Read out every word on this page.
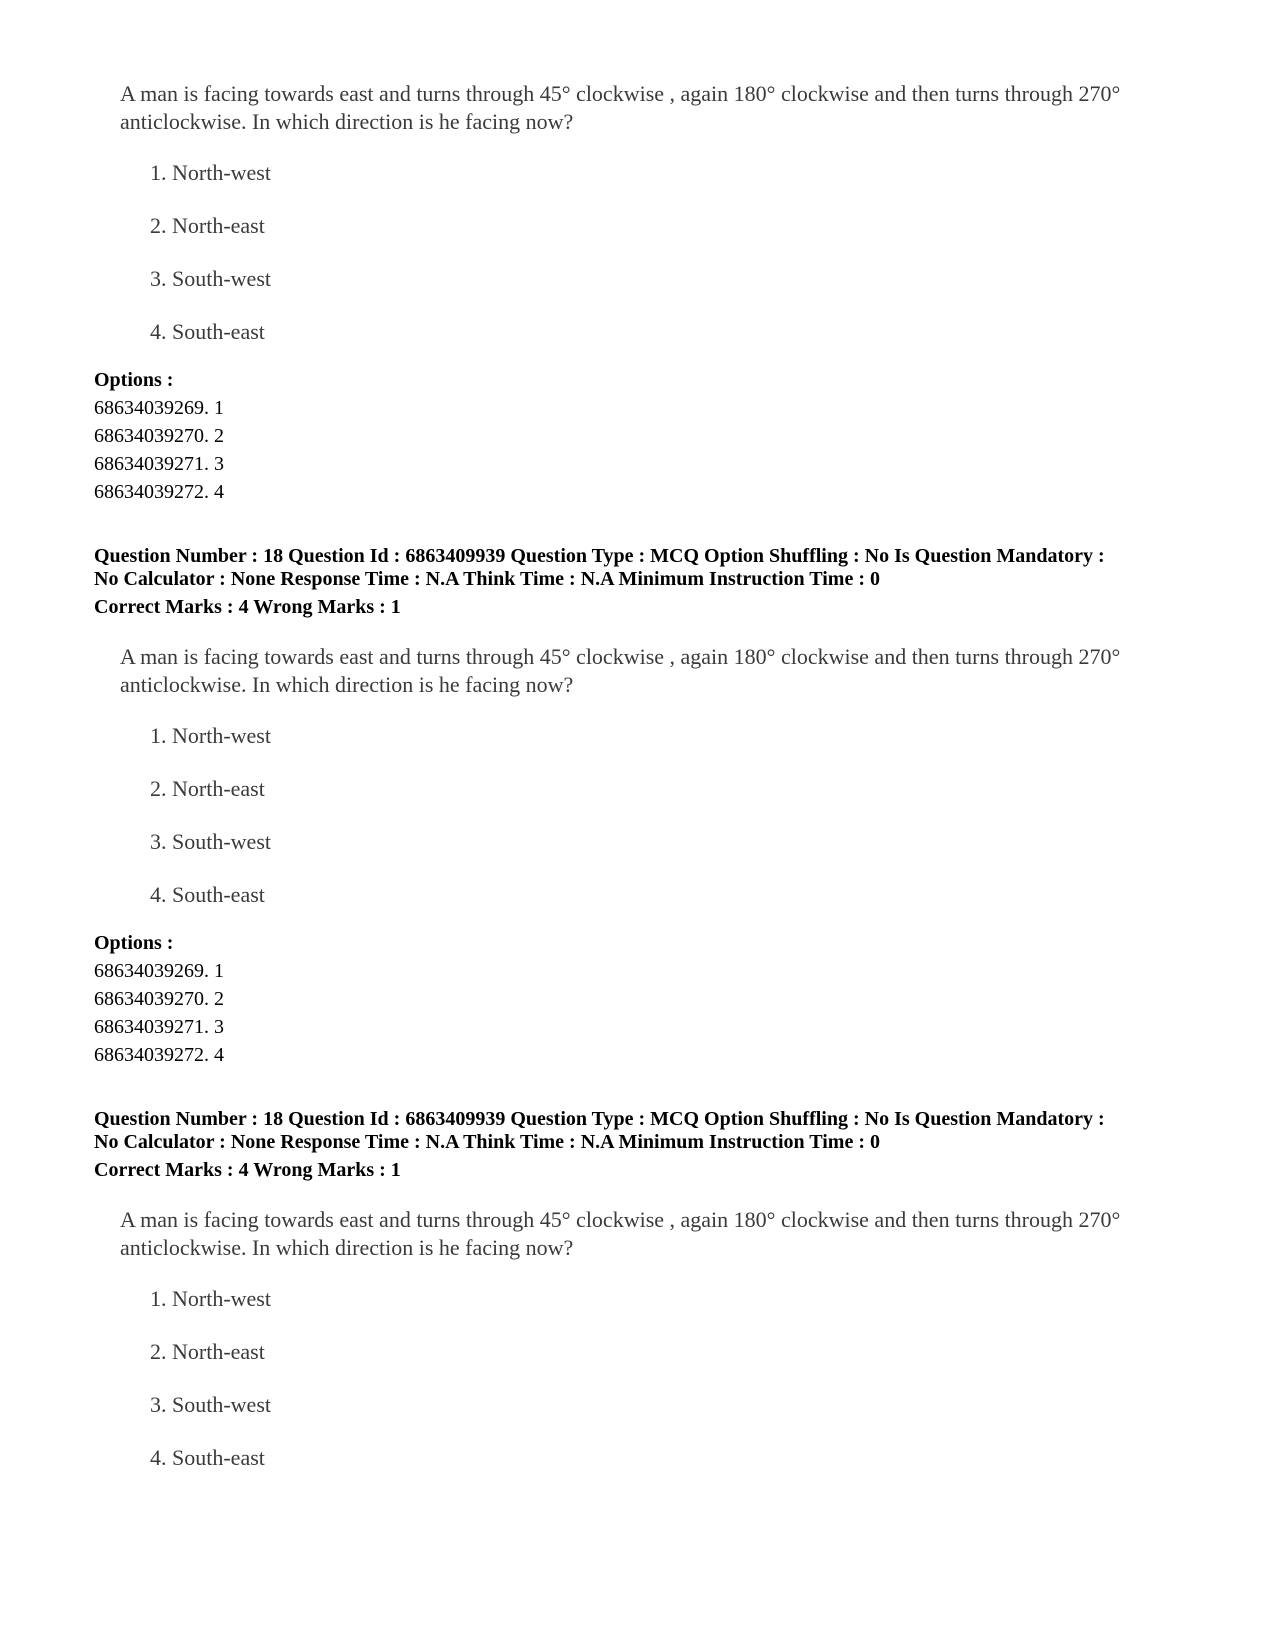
A man is facing towards east and turns through 45° clockwise , again 180° clockwise and then turns through 270° anticlockwise. In which direction is he facing now?
1. North-west
2. North-east
3. South-west
4. South-east
Options :
68634039269. 1
68634039270. 2
68634039271. 3
68634039272. 4
Question Number : 18 Question Id : 6863409939 Question Type : MCQ Option Shuffling : No Is Question Mandatory :
No Calculator : None Response Time : N.A Think Time : N.A Minimum Instruction Time : 0
Correct Marks : 4 Wrong Marks : 1
A man is facing towards east and turns through 45° clockwise , again 180° clockwise and then turns through 270° anticlockwise. In which direction is he facing now?
1. North-west
2. North-east
3. South-west
4. South-east
Options :
68634039269. 1
68634039270. 2
68634039271. 3
68634039272. 4
Question Number : 18 Question Id : 6863409939 Question Type : MCQ Option Shuffling : No Is Question Mandatory :
No Calculator : None Response Time : N.A Think Time : N.A Minimum Instruction Time : 0
Correct Marks : 4 Wrong Marks : 1
A man is facing towards east and turns through 45° clockwise , again 180° clockwise and then turns through 270° anticlockwise. In which direction is he facing now?
1. North-west
2. North-east
3. South-west
4. South-east
